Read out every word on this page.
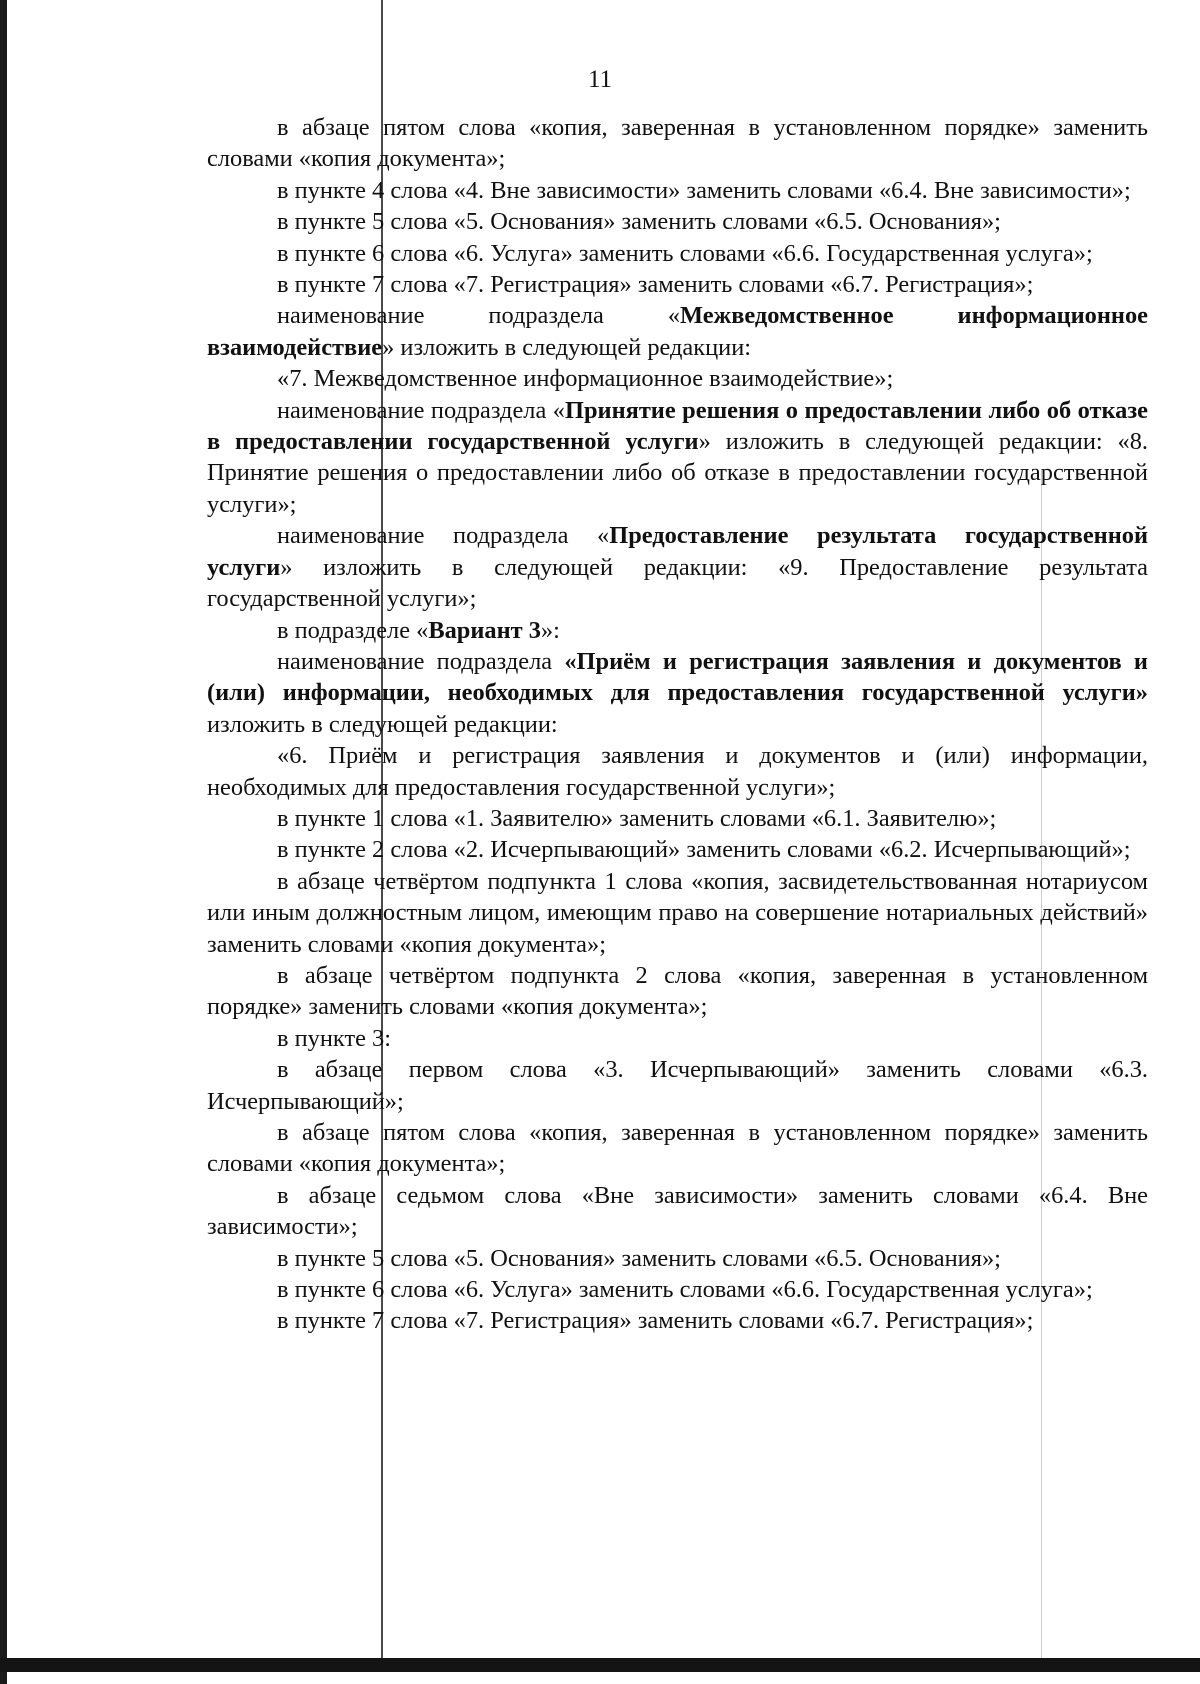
11

в абзаце пятом слова «копия, заверенная в установленном порядке» заменить словами «копия документа»;

в пункте 4 слова «4. Вне зависимости» заменить словами «6.4. Вне зависимости»;

в пункте 5 слова «5. Основания» заменить словами «6.5. Основания»;

в пункте 6 слова «6. Услуга» заменить словами «6.6. Государственная услуга»;

в пункте 7 слова «7. Регистрация» заменить словами «6.7. Регистрация»;

наименование подраздела «Межведомственное информационное взаимодействие» изложить в следующей редакции:

«7. Межведомственное информационное взаимодействие»;

наименование подраздела «Принятие решения о предоставлении либо об отказе в предоставлении государственной услуги» изложить в следующей редакции: «8. Принятие решения о предоставлении либо об отказе в предоставлении государственной услуги»;

наименование подраздела «Предоставление результата государственной услуги» изложить в следующей редакции: «9. Предоставление результата государственной услуги»;

в подразделе «Вариант 3»:

наименование подраздела «Приём и регистрация заявления и документов и (или) информации, необходимых для предоставления государственной услуги» изложить в следующей редакции:

«6. Приём и регистрация заявления и документов и (или) информации, необходимых для предоставления государственной услуги»;

в пункте 1 слова «1. Заявителю» заменить словами «6.1. Заявителю»;

в пункте 2 слова «2. Исчерпывающий» заменить словами «6.2. Исчерпывающий»;

в абзаце четвёртом подпункта 1 слова «копия, засвидетельствованная нотариусом или иным должностным лицом, имеющим право на совершение нотариальных действий» заменить словами «копия документа»;

в абзаце четвёртом подпункта 2 слова «копия, заверенная в установленном порядке» заменить словами «копия документа»;

в пункте 3:

в абзаце первом слова «3. Исчерпывающий» заменить словами «6.3. Исчерпывающий»;

в абзаце пятом слова «копия, заверенная в установленном порядке» заменить словами «копия документа»;

в абзаце седьмом слова «Вне зависимости» заменить словами «6.4. Вне зависимости»;

в пункте 5 слова «5. Основания» заменить словами «6.5. Основания»;

в пункте 6 слова «6. Услуга» заменить словами «6.6. Государственная услуга»;

в пункте 7 слова «7. Регистрация» заменить словами «6.7. Регистрация»;
